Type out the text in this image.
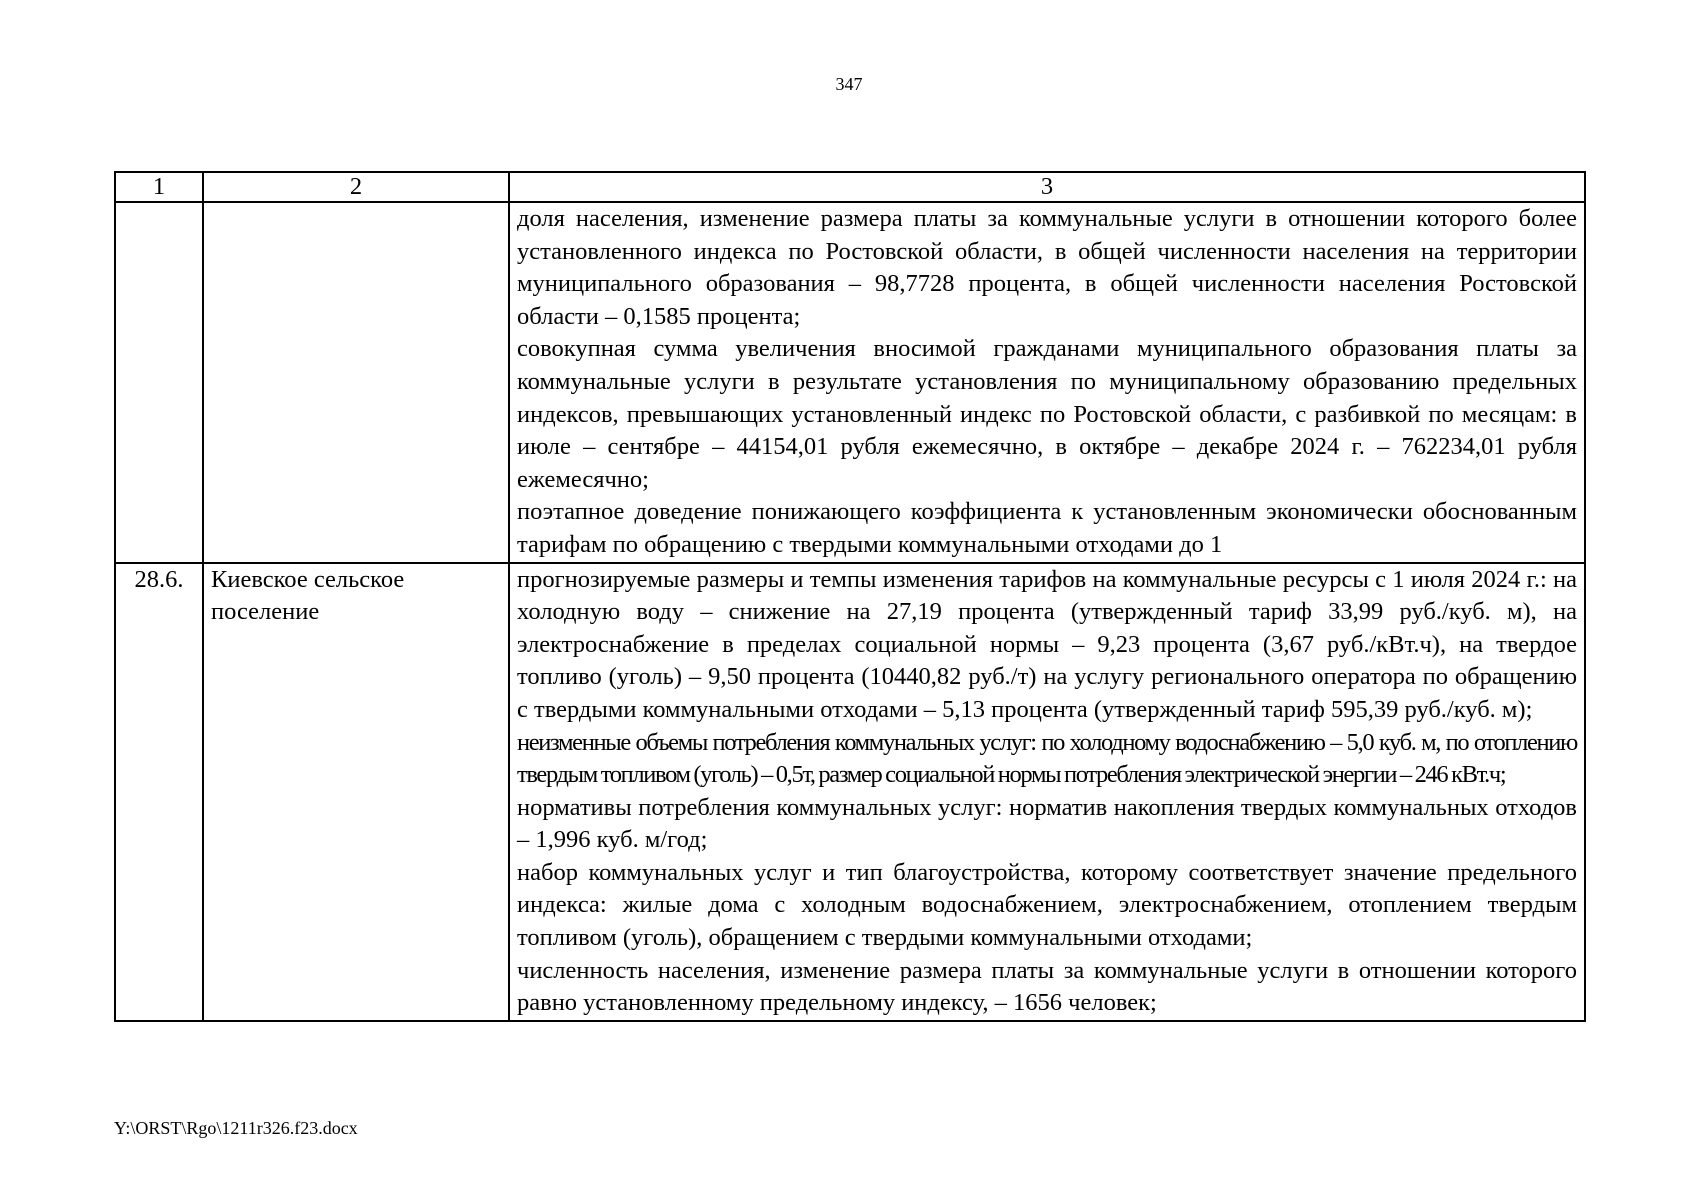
347
1	2	3

		доля населения, изменение размера платы за коммунальные услуги в отношении которого более установленного индекса по Ростовской области, в общей численности населения на территории муниципального образования – 98,7728 процента, в общей численности населения Ростовской области – 0,1585 процента;
совокупная сумма увеличения вносимой гражданами муниципального образования платы за коммунальные услуги в результате установления по муниципальному образованию предельных индексов, превышающих установленный индекс по Ростовской области, с разбивкой по месяцам: в июле – сентябре – 44154,01 рубля ежемесячно, в октябре – декабре 2024 г. – 762234,01 рубля ежемесячно;
поэтапное доведение понижающего коэффициента к установленным экономически обоснованным тарифам по обращению с твердыми коммунальными отходами до 1

28.6.	Киевское сельское поселение	прогнозируемые размеры и темпы изменения тарифов на коммунальные ресурсы с 1 июля 2024 г.: на холодную воду – снижение на 27,19 процента (утвержденный тариф 33,99 руб./куб. м), на электроснабжение в пределах социальной нормы – 9,23 процента (3,67 руб./кВт.ч), на твердое топливо (уголь) – 9,50 процента (10440,82 руб./т) на услугу регионального оператора по обращению с твердыми коммунальными отходами – 5,13 процента (утвержденный тариф 595,39 руб./куб. м);
неизменные объемы потребления коммунальных услуг: по холодному водоснабжению – 5,0 куб. м, по отоплению твердым топливом (уголь) – 0,5т, размер социальной нормы потребления электрической энергии – 246 кВт.ч;
нормативы потребления коммунальных услуг: норматив накопления твердых коммунальных отходов – 1,996 куб. м/год;
набор коммунальных услуг и тип благоустройства, которому соответствует значение предельного индекса: жилые дома с холодным водоснабжением, электроснабжением, отоплением твердым топливом (уголь), обращением с твердыми коммунальными отходами;
численность населения, изменение размера платы за коммунальные услуги в отношении которого равно установленному предельному индексу, – 1656 человек;
Y:\ORST\Rgo\1211r326.f23.docx
